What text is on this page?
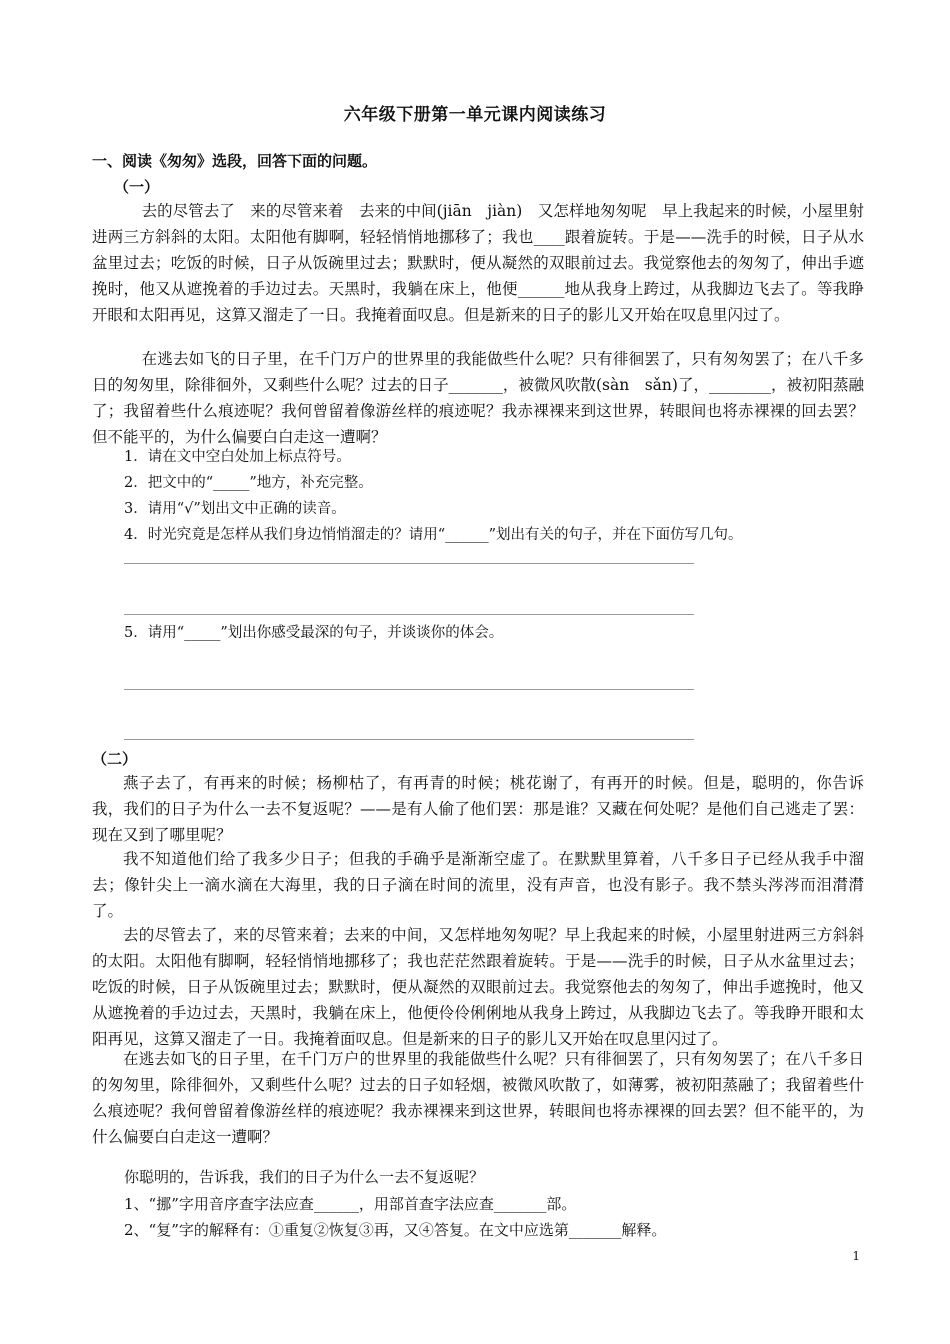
六年级下册第一单元课内阅读练习
一、阅读《匆匆》选段，回答下面的问题。
（一）

去的尽管去了　来的尽管来着　去来的中间(jiān　jiàn)　又怎样地匆匆呢　早上我起来的时候，小屋里射进两三方斜斜的太阳。太阳他有脚啊，轻轻悄悄地挪移了；我也____跟着旋转。于是——洗手的时候，日子从水盆里过去；吃饭的时候，日子从饭碗里过去；默默时，便从凝然的双眼前过去。我觉察他去的匆匆了，伸出手遮挽时，他又从遮挽着的手边过去。天黑时，我躺在床上，他便______地从我身上跨过，从我脚边飞去了。等我睁开眼和太阳再见，这算又溜走了一日。我掩着面叹息。但是新来的日子的影儿又开始在叹息里闪过了。

在逃去如飞的日子里，在千门万户的世界里的我能做些什么呢？只有徘徊罢了，只有匆匆罢了；在八千多日的匆匆里，除徘徊外，又剩些什么呢？过去的日子_______，被微风吹散(sàn　sǎn)了，________，被初阳蒸融了；我留着些什么痕迹呢？我何曾留着像游丝样的痕迹呢？我赤裸裸来到这世界，转眼间也将赤裸裸的回去罢？但不能平的，为什么偏要白白走这一遭啊？

1．请在文中空白处加上标点符号。
2．把文中的“_____”地方，补充完整。
3．请用“√”划出文中正确的读音。
4．时光究竟是怎样从我们身边悄悄溜走的？请用“______”划出有关的句子，并在下面仿写几句。
5．请用“_____”划出你感受最深的句子，并谈谈你的体会。
（二）

燕子去了，有再来的时候；杨柳枯了，有再青的时候；桃花谢了，有再开的时候。但是，聪明的，你告诉我，我们的日子为什么一去不复返呢？——是有人偷了他们罢：那是谁？又藏在何处呢？是他们自己逃走了罢：现在又到了哪里呢？

我不知道他们给了我多少日子；但我的手确乎是渐渐空虚了。在默默里算着，八千多日子已经从我手中溜去；像针尖上一滴水滴在大海里，我的日子滴在时间的流里，没有声音，也没有影子。我不禁头涔涔而泪潸潸了。

去的尽管去了，来的尽管来着；去来的中间，又怎样地匆匆呢？早上我起来的时候，小屋里射进两三方斜斜的太阳。太阳他有脚啊，轻轻悄悄地挪移了；我也茫茫然跟着旋转。于是——洗手的时候，日子从水盆里过去；吃饭的时候，日子从饭碗里过去；默默时，便从凝然的双眼前过去。我觉察他去的匆匆了，伸出手遮挽时，他又从遮挽着的手边过去，天黑时，我躺在床上，他便伶伶俐俐地从我身上跨过，从我脚边飞去了。等我睁开眼和太阳再见，这算又溜走了一日。我掩着面叹息。但是新来的日子的影儿又开始在叹息里闪过了。

在逃去如飞的日子里，在千门万户的世界里的我能做些什么呢？只有徘徊罢了，只有匆匆罢了；在八千多日的匆匆里，除徘徊外，又剩些什么呢？过去的日子如轻烟，被微风吹散了，如薄雾，被初阳蒸融了；我留着些什么痕迹呢？我何曾留着像游丝样的痕迹呢？我赤裸裸来到这世界，转眼间也将赤裸裸的回去罢？但不能平的，为什么偏要白白走这一遭啊？

你聪明的，告诉我，我们的日子为什么一去不复返呢？
1、“挪”字用音序查字法应查______，用部首查字法应查_______部。
2、“复”字的解释有：①重复②恢复③再，又④答复。在文中应选第_______解释。
1
